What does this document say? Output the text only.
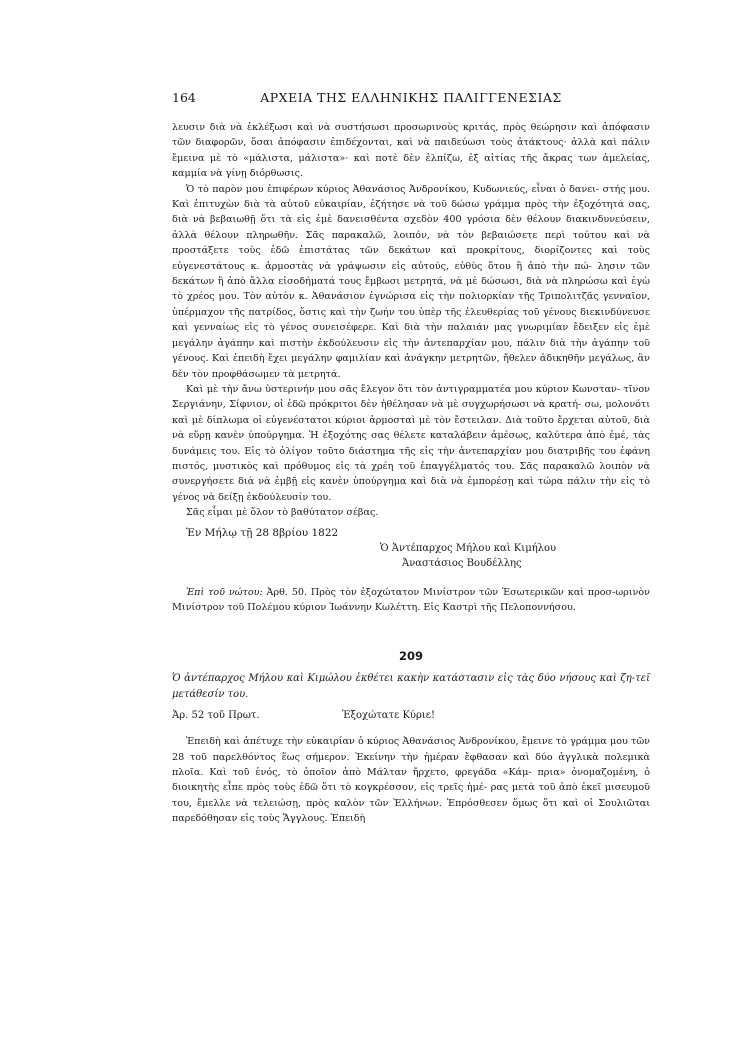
164	ΑΡΧΕΙΑ ΤΗΣ ΕΛΛΗΝΙΚΗΣ ΠΑΛΙΓΓΕΝΕΣΙΑΣ

λευσιν διὰ νὰ ἐκλέξωσι καὶ νὰ συστήσωσι προσωρινοὺς κριτάς, πρὸς θεώρησιν καὶ ἀπόφασιν τῶν διαφορῶν, ὅσαι ἀπόφασιν ἐπιδέχονται, καὶ νὰ παιδεύωσι τοὺς ἀτάκτους· ἀλλὰ καὶ πάλιν ἔμεινα μὲ τὸ «μάλιστα, μάλιστα»· καὶ ποτὲ δὲν ἐλπίζω, ἐξ αἰτίας τῆς ἄκρας των ἀμελείας, καμμία νὰ γίνῃ διόρθωσις.

Ὁ τὸ παρὸν μου ἐπιφέρων κύριος Ἀθανάσιος Ἀνδρονίκου, Κυδωνιεύς, εἶναι ὁ δανει- στής μου. Καὶ ἐπιτυχὼν διὰ τὰ αὐτοῦ εὐκαιρίαν, ἐζήτησε νὰ τοῦ δώσω γράμμα πρὸς τὴν ἐξοχότητά σας, διὰ νὰ βεβαιωθῇ ὅτι τὰ εἰς ἐμὲ δανεισθέντα σχεδὸν 400 γρόσια δὲν θέλουν διακινδυνεύσειν, ἀλλὰ θέλουν πληρωθῆν. Σᾶς παρακαλῶ, λοιπόν, νὰ τὸν βεβαιώσετε περὶ τούτου καὶ νὰ προστάξετε τοὺς ἐδῶ ἐπιστάτας τῶν δεκάτων καὶ προκρίτους, διορίζοντες καὶ τοὺς εὐγενεστάτους κ. ἁρμοστὰς νὰ γράψωσιν εἰς αὐτούς, εὐθὺς ὅτου ἢ ἀπὸ τὴν πώ- λησιν τῶν δεκάτων ἢ ἀπὸ ἄλλα εἰσοδήματά τους ἔμβωσι μετρητά, νὰ μὲ δώσωσι, διὰ νὰ πληρώσω καὶ ἐγὼ τὸ χρέος μου. Τὸν αὐτὸν κ. Ἀθανάσιον ἐγνώρισα εἰς τὴν πολιορκίαν τῆς Τριπολιτζᾶς γενναῖον, ὑπέρμαχον τῆς πατρίδος, ὅστις καὶ τὴν ζωήν του ὑπὲρ τῆς ἐλευθερίας τοῦ γένους διεκινδύνευσε καὶ γενναίως εἰς τὸ γένος συνεισέφερε. Καὶ διὰ τὴν παλαιάν μας γνωριμίαν ἔδειξεν εἰς ἐμὲ μεγάλην ἀγάπην καὶ πιστὴν ἐκδούλευσιν εἰς τὴν ἀντεπαρχίαν μου, πάλιν διὰ τὴν ἀγάπην τοῦ γένους. Καὶ ἐπειδὴ ἔχει μεγάλην φαμιλίαν καὶ ἀνάγκην μετρητῶν, ἤθελεν ἀδικηθῆν μεγάλως, ἂν δὲν τὸν προφθάσωμεν τὰ μετρητά.

Καὶ μὲ τὴν ἄνω ὑστερινήν μου σᾶς ἔλεγον ὅτι τὸν ἀντιγραμματέα μου κύριον Κωνσταν- τῖνον Σεργιάνην, Σίφνιον, οἱ ἐδῶ πρόκριτοι δὲν ἠθέλησαν νὰ μὲ συγχωρήσωσι νὰ κρατή- σω, μολονότι καὶ μὲ δίπλωμα οἱ εὐγενέστατοι κύριοι ἁρμοσταὶ μὲ τὸν ἔστειλαν. Διὰ τοῦτο ἔρχεται αὐτοῦ, διὰ νὰ εὕρῃ κανὲν ὑπούργημα. Ἡ ἐξοχότης σας θέλετε καταλάβειν ἀμέσως, καλύτερα ἀπὸ ἐμέ, τὰς δυνάμεις του. Εἰς τὸ ὀλίγον τοῦτο διάστημα τῆς εἰς τὴν ἀντεπαρχίαν μου διατριβῆς του ἐφάνη πιστός, μυστικὸς καὶ πρόθυμος εἰς τὰ χρέη τοῦ ἐπαγγέλματός του. Σᾶς παρακαλῶ λοιπὸν νὰ συνεργήσετε διὰ νὰ ἐμβῇ εἰς κανὲν ὑπούργημα καὶ διὰ νὰ ἐμπορέσῃ καὶ τώρα πάλιν τὴν εἰς τὸ γένος νὰ δείξῃ ἐκδούλευσίν του.

Σᾶς εἶμαι μὲ ὅλον τὸ βαθύτατον σέβας.

Ἐν Μήλῳ τῇ 28 8βρίου 1822
Ὁ Ἀντέπαρχος Μήλου καὶ Κιμήλου
Ἀναστάσιος Βουδέλλης

Ἐπὶ τοῦ νώτου: Ἀρθ. 50. Πρὸς τὸν ἐξοχώτατον Μινίστρον τῶν Ἐσωτερικῶν καὶ προσ-ωρινὸν Μινίστρον τοῦ Πολέμου κύριον Ἰωάννην Κωλέττη. Εἰς Καστρὶ τῆς Πελοποννήσου.

209

Ὁ ἀντέπαρχος Μήλου καὶ Κιμώλου ἐκθέτει κακὴν κατάστασιν εἰς τὰς δύο νήσους καὶ ζη-τεῖ μετάθεσίν του.

Ἀρ. 52 τοῦ Πρωτ.	Ἐξοχώτατε Κύριε!

Ἐπειδὴ καὶ ἀπέτυχε τὴν εὐκαιρίαν ὁ κύριος Ἀθανάσιος Ἀνδρονίκου, ἔμεινε τὸ γράμμα μου τῶν 28 τοῦ παρελθόντος ἕως σήμερον. Ἐκείνην τὴν ἡμέραν ἔφθασαν καὶ δύο ἀγγλικὰ πολεμικὰ πλοῖα. Καὶ τοῦ ἑνός, τὸ ὁποῖον ἀπὸ Μάλταν ἤρχετο, φρεγάδα «Κάμ- πρια» ὀνομαζομένη, ὁ διοικητὴς εἶπε πρὸς τοὺς ἐδῶ ὅτι τὸ κογκρέσσον, εἰς τρεῖς ἡμέ- ρας μετὰ τοῦ ἀπὸ ἐκεῖ μισευμοῦ του, ἔμελλε νὰ τελειώσῃ, πρὸς καλὸν τῶν Ἑλλήνων. Ἐπρόσθεσεν ὅμως ὅτι καὶ οἱ Σουλιῶται παρεδόθησαν εἰς τοὺς Ἄγγλους. Ἐπειδὴ
